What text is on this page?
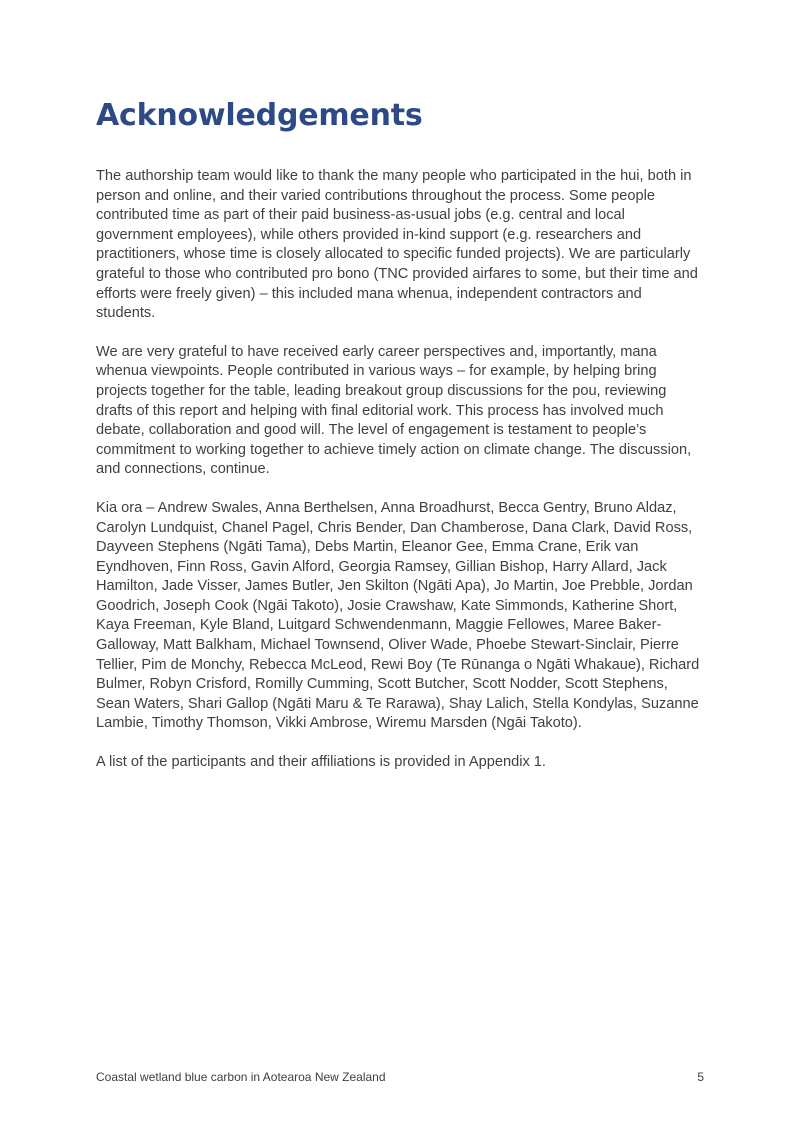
Acknowledgements

The authorship team would like to thank the many people who participated in the hui, both in person and online, and their varied contributions throughout the process. Some people contributed time as part of their paid business-as-usual jobs (e.g. central and local government employees), while others provided in-kind support (e.g. researchers and practitioners, whose time is closely allocated to specific funded projects). We are particularly grateful to those who contributed pro bono (TNC provided airfares to some, but their time and efforts were freely given) – this included mana whenua, independent contractors and students.

We are very grateful to have received early career perspectives and, importantly, mana whenua viewpoints. People contributed in various ways – for example, by helping bring projects together for the table, leading breakout group discussions for the pou, reviewing drafts of this report and helping with final editorial work. This process has involved much debate, collaboration and good will. The level of engagement is testament to people’s commitment to working together to achieve timely action on climate change. The discussion, and connections, continue.

Kia ora – Andrew Swales, Anna Berthelsen, Anna Broadhurst, Becca Gentry, Bruno Aldaz, Carolyn Lundquist, Chanel Pagel, Chris Bender, Dan Chamberose, Dana Clark, David Ross, Dayveen Stephens (Ngāti Tama), Debs Martin, Eleanor Gee, Emma Crane, Erik van Eyndhoven, Finn Ross, Gavin Alford, Georgia Ramsey, Gillian Bishop, Harry Allard, Jack Hamilton, Jade Visser, James Butler, Jen Skilton (Ngāti Apa), Jo Martin, Joe Prebble, Jordan Goodrich, Joseph Cook (Ngāi Takoto), Josie Crawshaw, Kate Simmonds, Katherine Short, Kaya Freeman, Kyle Bland, Luitgard Schwendenmann, Maggie Fellowes, Maree Baker-Galloway, Matt Balkham, Michael Townsend, Oliver Wade, Phoebe Stewart-Sinclair, Pierre Tellier, Pim de Monchy, Rebecca McLeod, Rewi Boy (Te Rūnanga o Ngāti Whakaue), Richard Bulmer, Robyn Crisford, Romilly Cumming, Scott Butcher, Scott Nodder, Scott Stephens, Sean Waters, Shari Gallop (Ngāti Maru & Te Rarawa), Shay Lalich, Stella Kondylas, Suzanne Lambie, Timothy Thomson, Vikki Ambrose, Wiremu Marsden (Ngāi Takoto).

A list of the participants and their affiliations is provided in Appendix 1.

Coastal wetland blue carbon in Aotearoa New Zealand	5
